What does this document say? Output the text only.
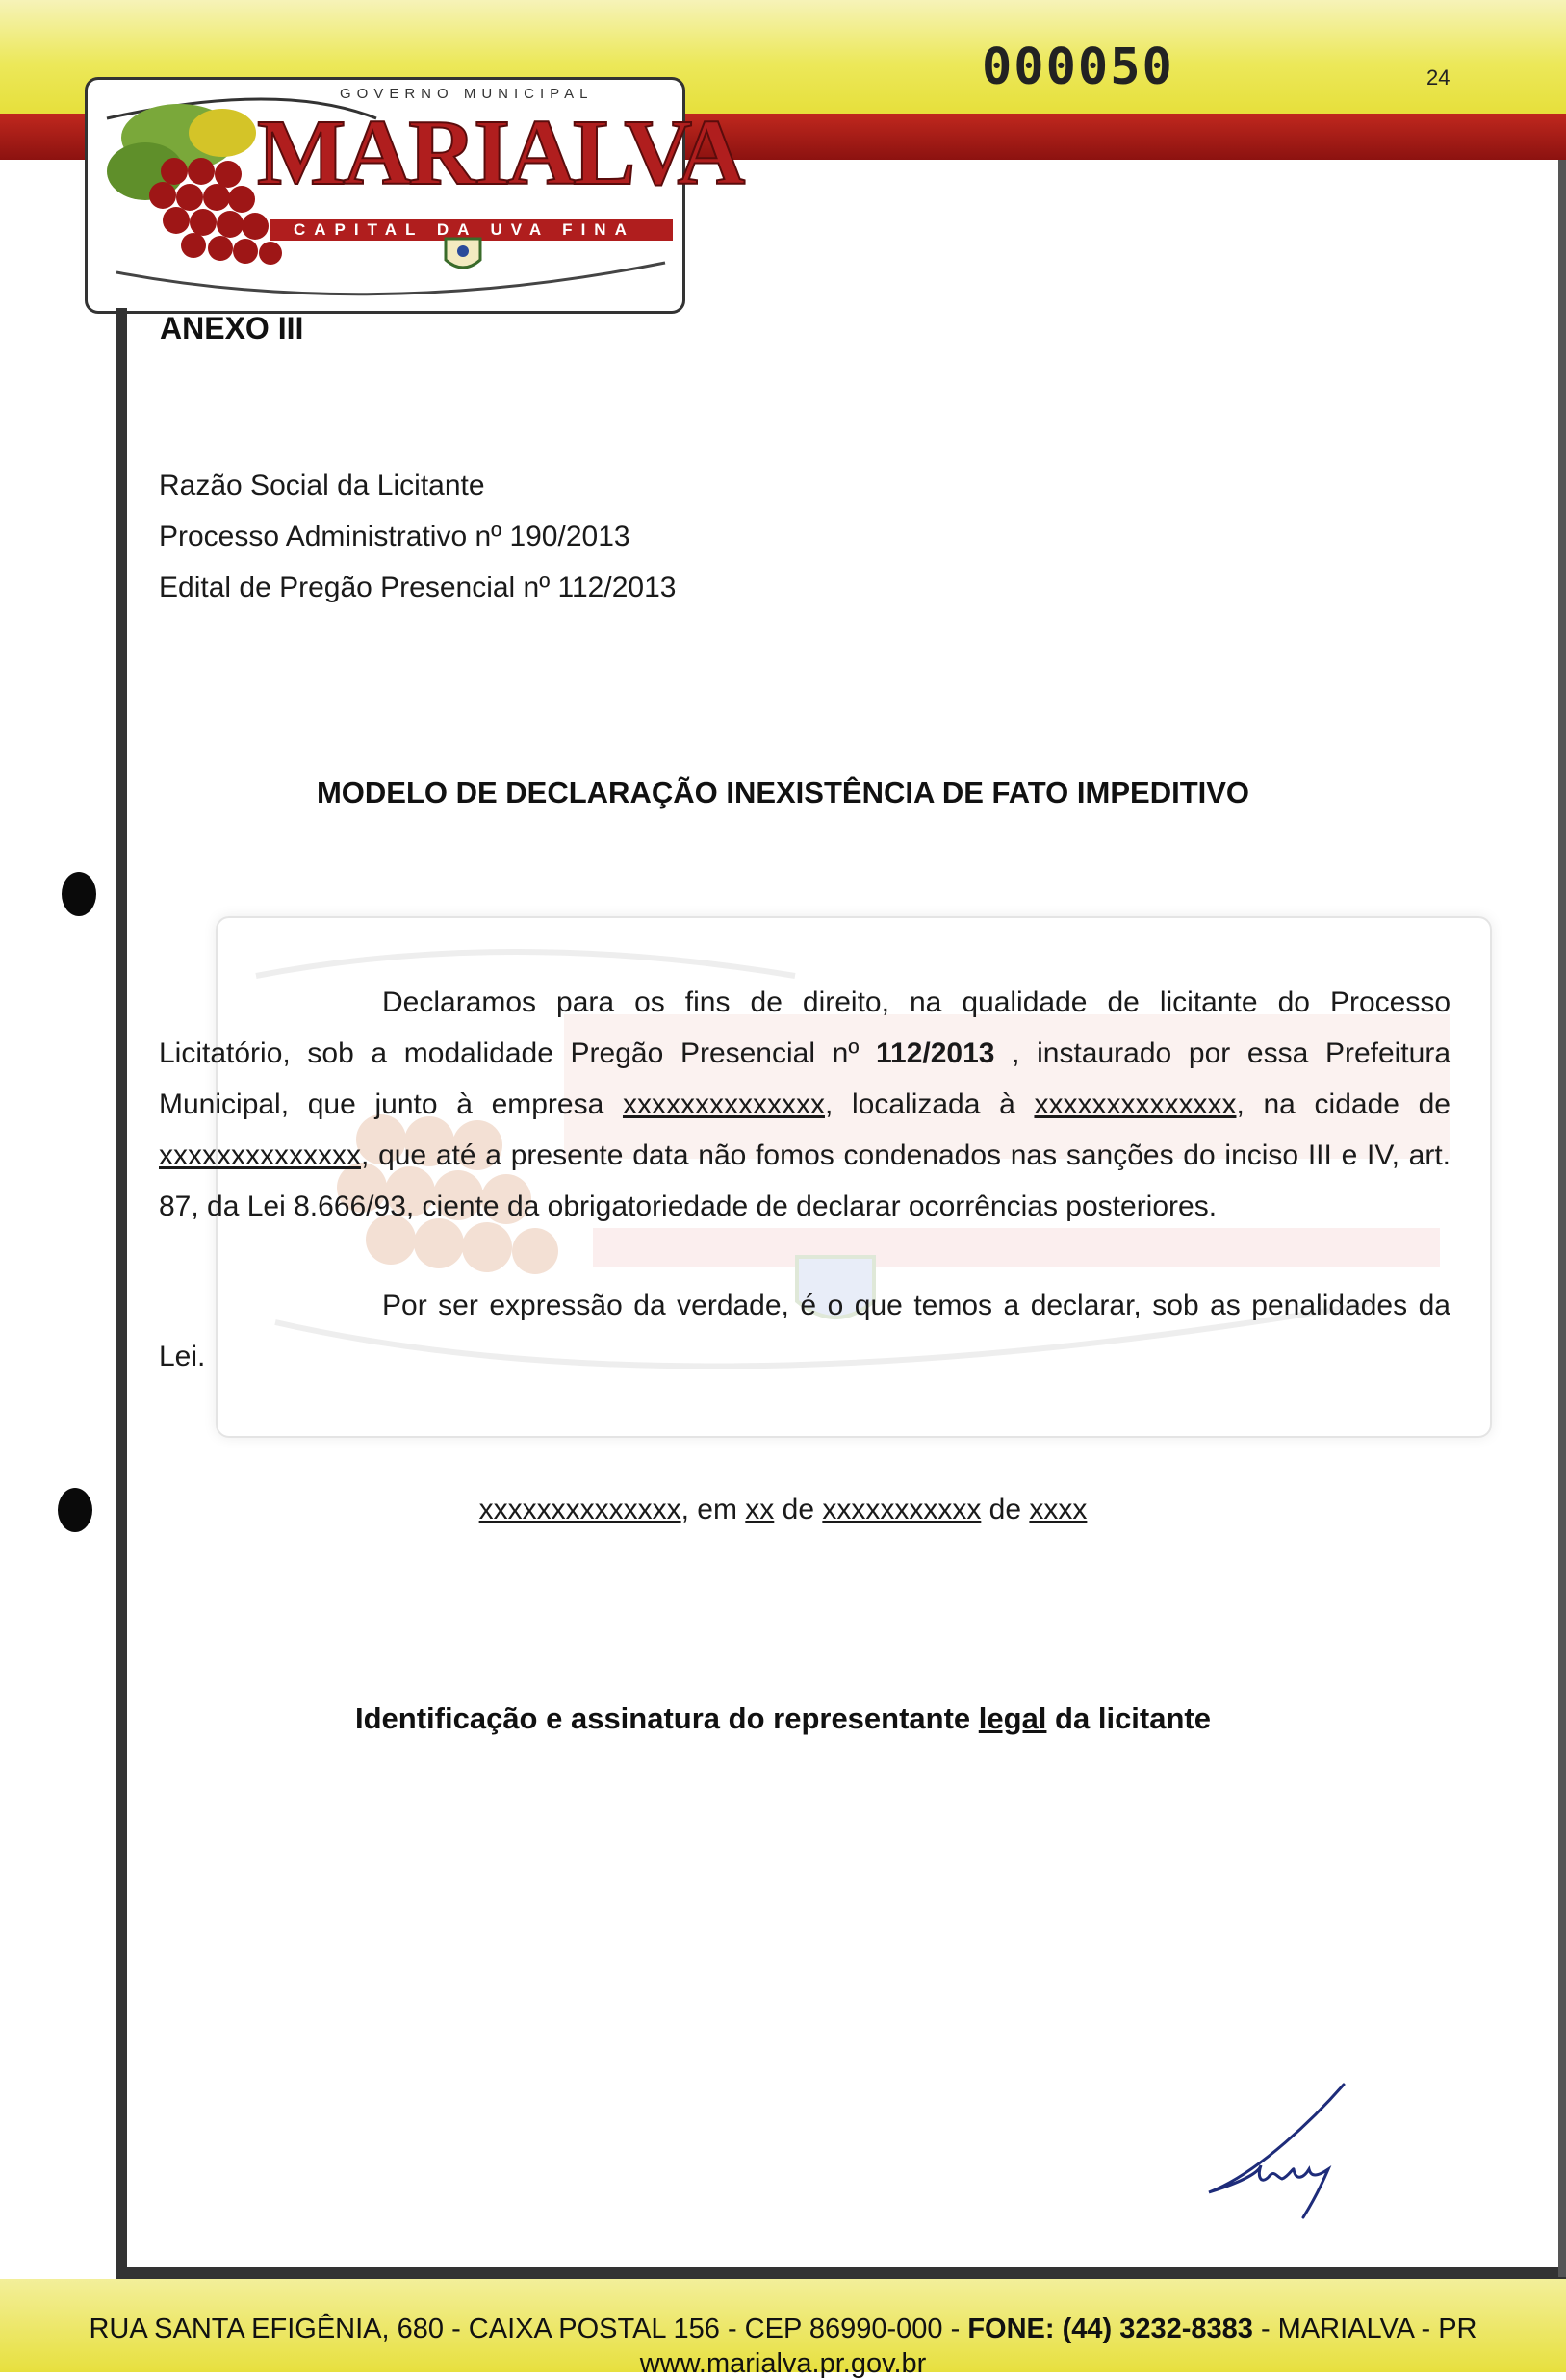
000050	24
GOVERNO MUNICIPAL
MARIALVA
CAPITAL DA UVA FINA
ANEXO III
Razão Social da Licitante
Processo Administrativo nº 190/2013
Edital de Pregão Presencial nº 112/2013
MODELO DE DECLARAÇÃO INEXISTÊNCIA DE FATO IMPEDITIVO
Declaramos para os fins de direito, na qualidade de licitante do Processo Licitatório, sob a modalidade Pregão Presencial nº 112/2013 , instaurado por essa Prefeitura Municipal, que junto à empresa xxxxxxxxxxxxxx, localizada à xxxxxxxxxxxxxx, na cidade de xxxxxxxxxxxxxx, que até a presente data não fomos condenados nas sanções do inciso III e IV, art. 87, da Lei 8.666/93, ciente da obrigatoriedade de declarar ocorrências posteriores.
Por ser expressão da verdade, é o que temos a declarar, sob as penalidades da Lei.
xxxxxxxxxxxxxx, em xx de xxxxxxxxxxx de xxxx
Identificação e assinatura do representante legal da licitante
RUA SANTA EFIGÊNIA, 680 - CAIXA POSTAL 156 - CEP 86990-000 - FONE: (44) 3232-8383 - MARIALVA - PR
www.marialva.pr.gov.br
